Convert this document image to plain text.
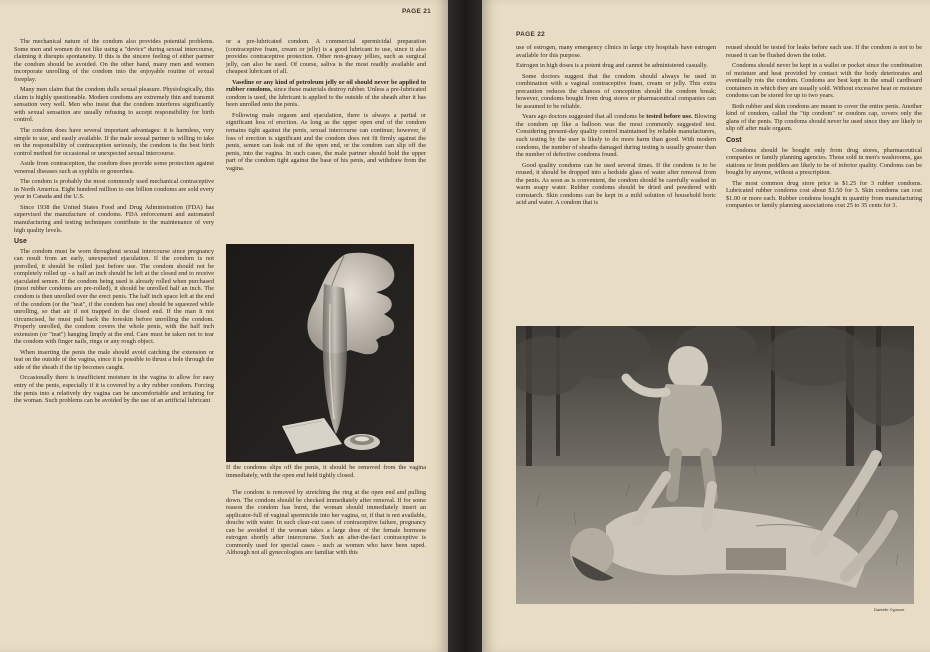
PAGE 21

The mechanical nature of the condom also provides potential problems. Some men and women do not like using a "device" during sexual intercourse, claiming it disrupts spontaneity. If this is the sincere feeling of either partner the condom should be avoided. On the other hand, many men and women incorporate unrolling of the condom into the enjoyable routine of sexual foreplay.

Many men claim that the condom dulls sexual pleasure. Physiologically, this claim is highly questionable. Modern condoms are extremely thin and transmit sensation very well. Men who insist that the condom interferes significantly with sexual sensation are usually refusing to accept responsibility for birth control.

The condom does have several important advantages: it is harmless, very simple to use, and easily available. If the male sexual partner is willing to take on the responsibility of contraception seriously, the condom is the best birth control method for occasional or unexpected sexual intercourse.

Aside from contraception, the condom does provide some protection against venereal diseases such as syphilis or gonorrhea.

The condom is probably the most commonly used mechanical contraceptive in North America. Eight hundred million to one billion condoms are sold every year in Canada and the U.S.

Since 1938 the United States Food and Drug Administration (FDA) has supervised the manufacture of condoms. FDA enforcement and automated manufacturing and testing techniques contribute to the maintenance of very high quality levels.

Use

The condom must be worn throughout sexual intercourse since pregnancy can result from an early, unexpected ejaculation. If the condom is not prerolled, it should be rolled just before use. The condom should not be completely rolled up - a half an inch should be left at the closed end to receive ejaculated semen. If the condom being used is already rolled when purchased (most rubber condoms are pre-rolled), it should be unrolled half an inch. The condom is then unrolled over the erect penis. The half inch space left at the end of the condom (or the "teat", if the condom has one) should be squeezed while unrolling, so that air if not trapped in the closed end. If the man it not circumcised, he must pull back the foreskin before unrolling the condom. Properly unrolled, the condom covers the whole penis, with the half inch extension (or "teat") hanging limply at the end. Care must be taken not to tear the condom with finger nails, rings or any rough object.

When inserting the penis the male should avoid catching the extension or teat on the outside of the vagina, since it is possible to thrust a hole through the side of the sheath if the tip becomes caught.

Occasionally there is insufficient moisture in the vagina to allow for easy entry of the penis, especially if it is covered by a dry rubber condom. Forcing the penis into a relatively dry vagina can be uncomfortable and irritating for the woman. Such problems can be avoided by the use of an artificial lubricant

or a pre-lubricated condom. A commercial spermicidal preparation (contraceptive foam, cream or jelly) is a good lubricant to use, since it also provides contraceptive protection. Other non-greasy jellies, such as surgical jelly, can also be used. Of course, saliva is the most readily available and cheapest lubricant of all.

Vaseline or any kind of petroleum jelly or oil should never be applied to rubber condoms, since these materials destroy rubber. Unless a pre-lubricated condom is used, the lubricant is applied to the outside of the sheath after it has been unrolled onto the penis.

Following male orgasm and ejaculation, there is always a partial or significant loss of erection. As long as the upper open end of the condom remains tight against the penis, sexual intercourse can continue; however, if loss of erection is significant and the condom does not fit firmly against the penis, semen can leak out of the open end, or the condom can slip off the penis, into the vagina. In such cases, the male partner should hold the upper part of the condom tight against the base of his penis, and withdraw from the vagina.

If the condoms slips off the penis, it should be removed from the vagina immediately, with the open end held tightly closed.

The condom is removed by stretching the ring at the open end and pulling down. The condom should be checked immediately after removal. If for some reason the condom has burst, the woman should immediately insert an applicator-full of vaginal spermicide into her vagina, or, if that is not available, douche with water. In such clear-cut cases of contraceptive failure, pregnancy can be avoided if the woman takes a large dose of the female hormone estrogen shortly after intercourse. Such an after-the-fact contraceptive is commonly used for special cases - such as women who have been raped. Although not all gynecologists are familiar with this

PAGE 22

use of estrogen, many emergency clinics in large city hospitals have estrogen available for this purpose.

Estrogen in high doses is a potent drug and cannot be administered casually.

Some doctors suggest that the condom should always be used in combination with a vaginal contraceptive foam, cream or jelly. This extra precaution reduces the chances of conception should the condom break; however, condoms bought from drug stores or pharmaceutical companies can be assumed to be reliable.

Years ago doctors suggested that all condoms be tested before use. Blowing the condom up like a balloon was the most commonly suggested test. Considering present-day quality control maintained by reliable manufacturers, such testing by the user is likely to do more harm than good. With modern condoms, the number of sheaths damaged during testing is usually greater than the number of defective condoms found.

Good quality condoms can be used several times. If the condom is to be reused, it should be dropped into a bedside glass of water after removal from the penis. As soon as is convenient, the condom should be carefully washed in warm soapy water. Rubber condoms should be dried and powdered with cornstarch. Skin condoms can be kept in a mild solution of household boric acid and water. A condom that is

reused should be tested for leaks before each use. If the condom is not to be reused it can be flushed down the toilet.

Condoms should never be kept in a wallet or pocket since the combination of moisture and heat provided by contact with the body deteriorates and eventually rots the condom. Condoms are best kept in the small cardboard containers in which they are usually sold. Without excessive heat or moisture condoms can be stored for up to two years.

Both rubber and skin condoms are meant to cover the entire penis. Another kind of condom, called the "tip condom" or condom cap, covers only the glans of the penis. Tip condoms should never be used since they are likely to slip off after male orgasm.

Cost

Condoms should be bought only from drug stores, pharmaceutical companies or family planning agencies. Those sold in men's washrooms, gas stations or from peddlers are likely to be of inferior quality. Condoms can be bought by anyone, without a prescription.

The most common drug store price is $1.25 for 3 rubber condoms. Lubricated rubber condoms cost about $1.50 for 3. Skin condoms can cost $1.00 or more each. Rubber condoms bought in quantity from manufacturing companies or family planning associations cost 25 to 35 cents for 3.

Danielle Cypsore
